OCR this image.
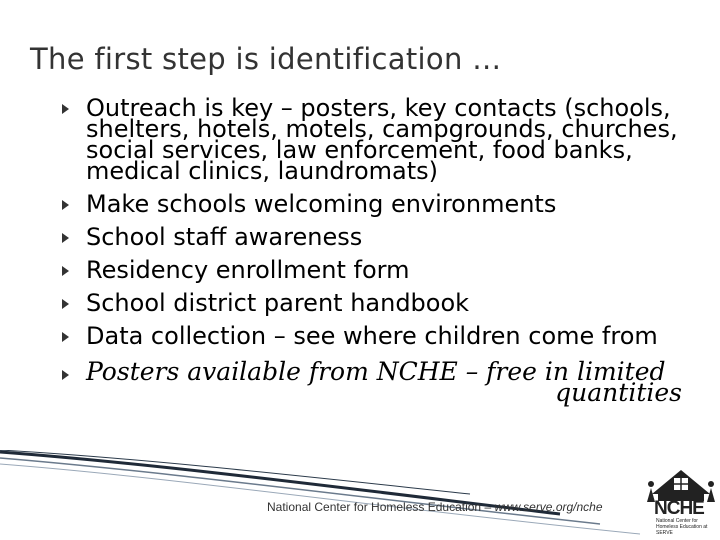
The first step is identification …
Outreach is key – posters, key contacts (schools, shelters, hotels, motels, campgrounds, churches, social services, law enforcement, food banks, medical clinics, laundromats)
Make schools welcoming environments
School staff awareness
Residency enrollment form
School district parent handbook
Data collection – see where children come from
Posters available from NCHE – free in limited
quantities
National Center for Homeless Education – www.serve.org/nche	NCHE
National Center for Homeless Education at SERVE
